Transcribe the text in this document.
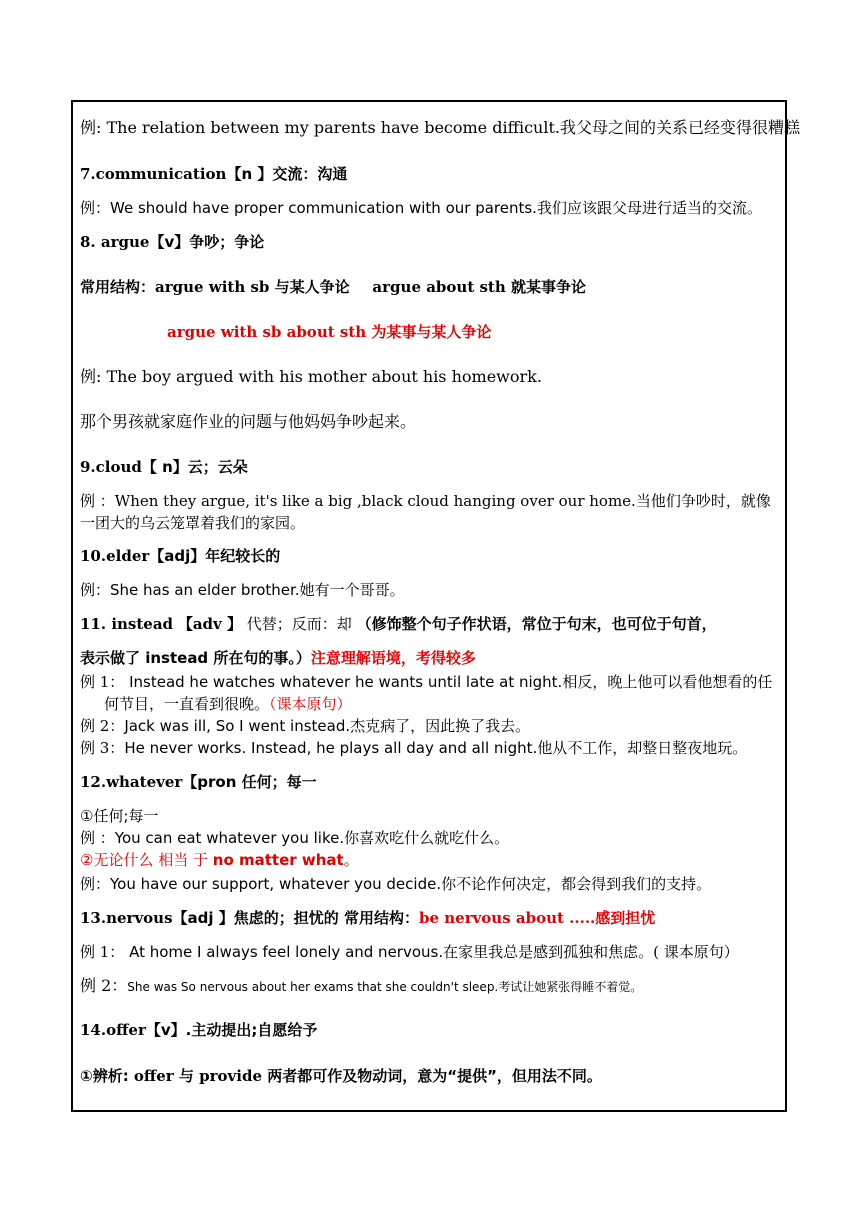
例: The relation between my parents have become difficult.我父母之间的关系已经变得很糟糕
7.communication【n 】交流：沟通
例：We should have proper communication with our parents.我们应该跟父母进行适当的交流。
8. argue【v】争吵；争论
常用结构：argue with sb 与某人争论 argue about sth 就某事争论
argue with sb about sth 为某事与某人争论
例: The boy argued with his mother about his homework.
那个男孩就家庭作业的问题与他妈妈争吵起来。
9.cloud【 n】云；云朵
例 ：When they argue, it's like a big ,black cloud hanging over our home.当他们争吵时，就像一团大的乌云笼罩着我们的家园。
10.elder【adj】年纪较长的
例：She has an elder brother.她有一个哥哥。
11. instead 【adv 】 代替；反而：却 （修饰整个句子作状语，常位于句末，也可位于句首，
表示做了 instead 所在句的事。）注意理解语境，考得较多
例 1： Instead he watches whatever he wants until late at night.相反，晚上他可以看他想看的任
何节目，一直看到很晚。（课本原句）
例 2：Jack was ill, So I went instead.杰克病了，因此换了我去。
例 3：He never works. Instead, he plays all day and all night.他从不工作，却整日整夜地玩。
12.whatever【pron 任何；每一
①任何;每一
例 ：You can eat whatever you like.你喜欢吃什么就吃什么。
②无论什么 相当 于 no matter what。
例：You have our support, whatever you decide.你不论作何决定，都会得到我们的支持。
13.nervous【adj 】焦虑的；担忧的 常用结构：be nervous about .....感到担忧
例 1： At home I always feel lonely and nervous.在家里我总是感到孤独和焦虑。( 课本原句）
例 2：She was So nervous about her exams that she couldn't sleep.考试让她紧张得睡不着觉。
14.offer【v】.主动提出;自愿给予
①辨析: offer 与 provide 两者都可作及物动词，意为“提供”，但用法不同。
